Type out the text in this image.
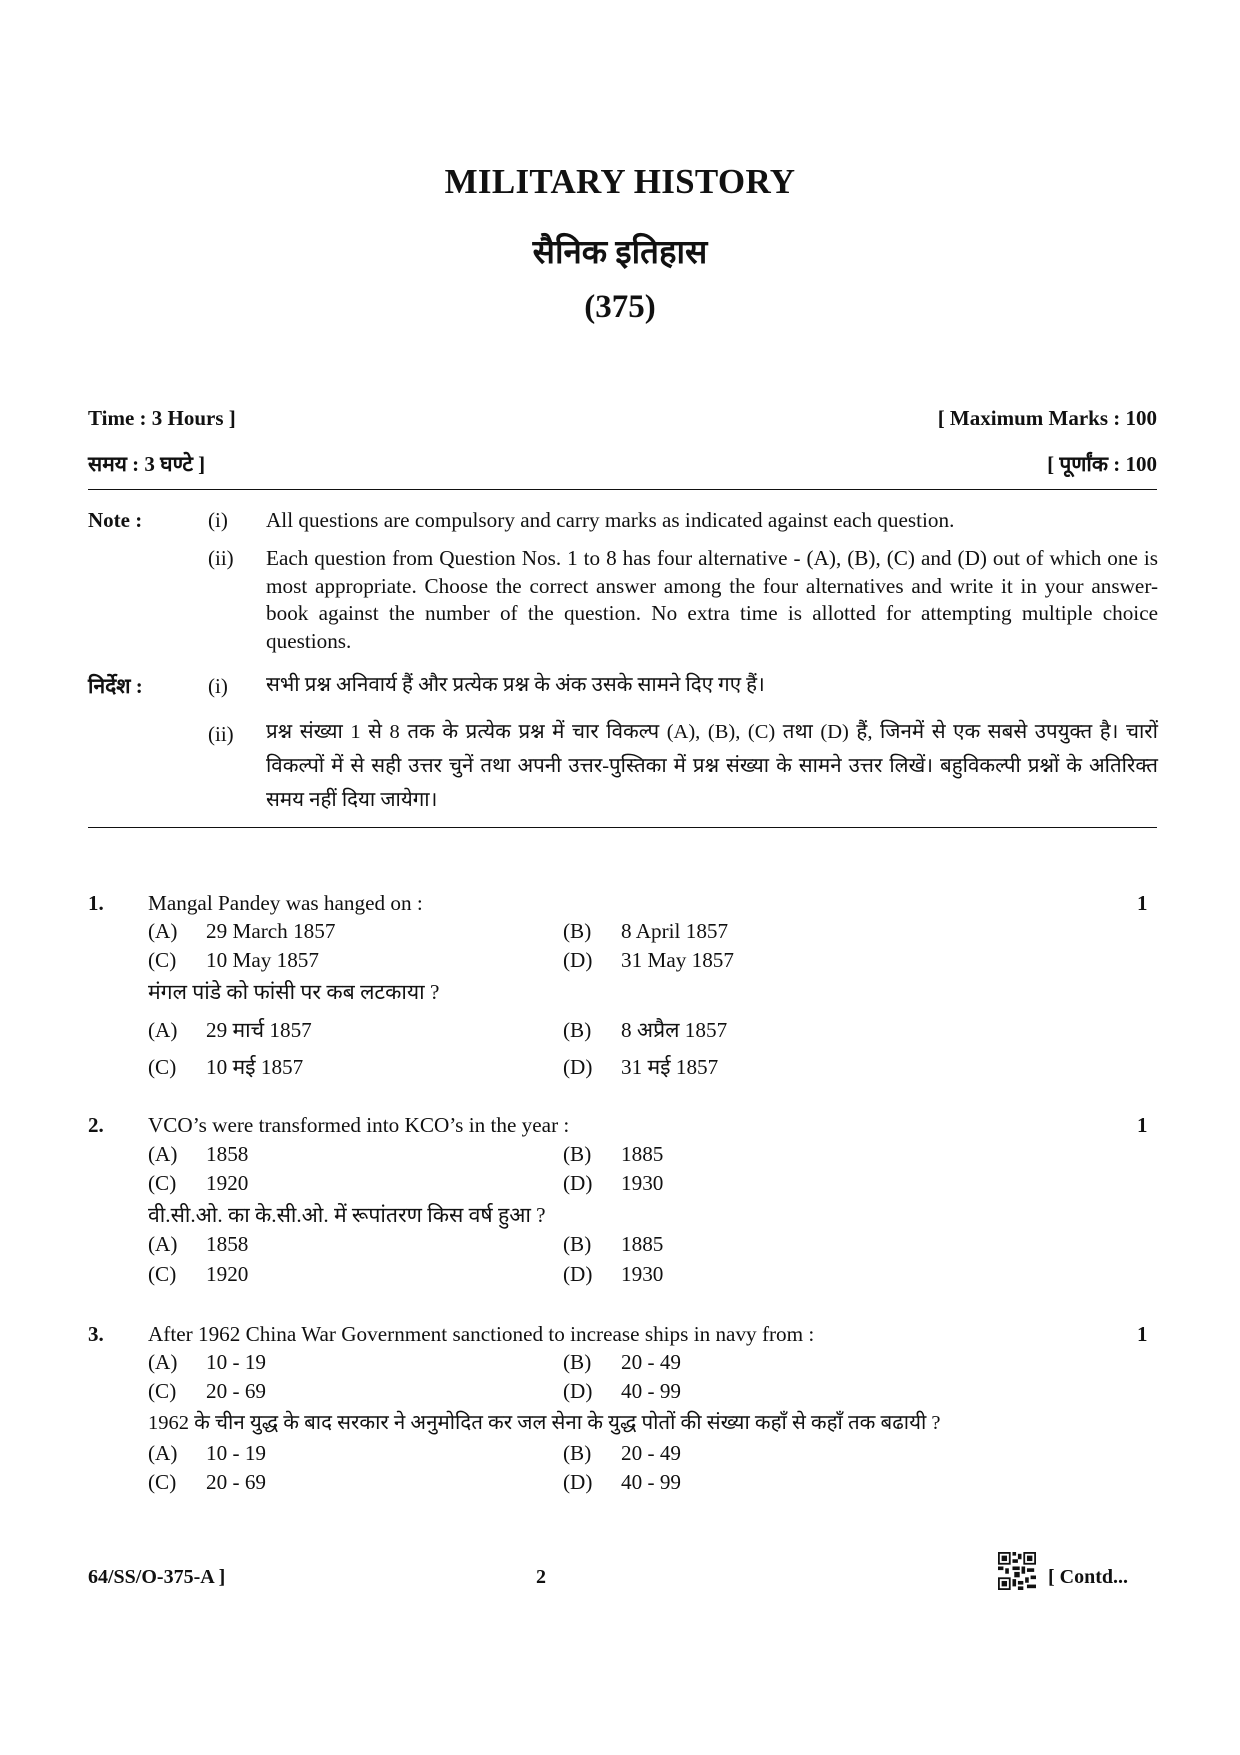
MILITARY HISTORY
सैनिक इतिहास
(375)
Time : 3 Hours ]	[ Maximum Marks : 100
समय : 3 घण्टे ]	[ पूर्णांक : 100
Note :	(i) All questions are compulsory and carry marks as indicated against each question.
(ii) Each question from Question Nos. 1 to 8 has four alternative - (A), (B), (C) and (D) out of which one is most appropriate. Choose the correct answer among the four alternatives and write it in your answer-book against the number of the question. No extra time is allotted for attempting multiple choice questions.
निर्देश :	(i) सभी प्रश्न अनिवार्य हैं और प्रत्येक प्रश्न के अंक उसके सामने दिए गए हैं।
(ii) प्रश्न संख्या 1 से 8 तक के प्रत्येक प्रश्न में चार विकल्प (A), (B), (C) तथा (D) हैं, जिनमें से एक सबसे उपयुक्त है। चारों विकल्पों में से सही उत्तर चुनें तथा अपनी उत्तर-पुस्तिका में प्रश्न संख्या के सामने उत्तर लिखें। बहुविकल्पी प्रश्नों के अतिरिक्त समय नहीं दिया जायेगा।
1. Mangal Pandey was hanged on :	1
(A) 29 March 1857	(B) 8 April 1857
(C) 10 May 1857	(D) 31 May 1857
मंगल पांडे को फांसी पर कब लटकाया ?
(A) 29 मार्च 1857	(B) 8 अप्रैल 1857
(C) 10 मई 1857	(D) 31 मई 1857
2. VCO’s were transformed into KCO’s in the year :	1
(A) 1858	(B) 1885
(C) 1920	(D) 1930
वी.सी.ओ. का के.सी.ओ. में रूपांतरण किस वर्ष हुआ ?
(A) 1858	(B) 1885
(C) 1920	(D) 1930
3. After 1962 China War Government sanctioned to increase ships in navy from :	1
(A) 10 - 19	(B) 20 - 49
(C) 20 - 69	(D) 40 - 99
1962 के चीन युद्ध के बाद सरकार ने अनुमोदित कर जल सेना के युद्ध पोतों की संख्या कहाँ से कहाँ तक बढायी ?
(A) 10 - 19	(B) 20 - 49
(C) 20 - 69	(D) 40 - 99
64/SS/O-375-A ]	2	[ Contd...
